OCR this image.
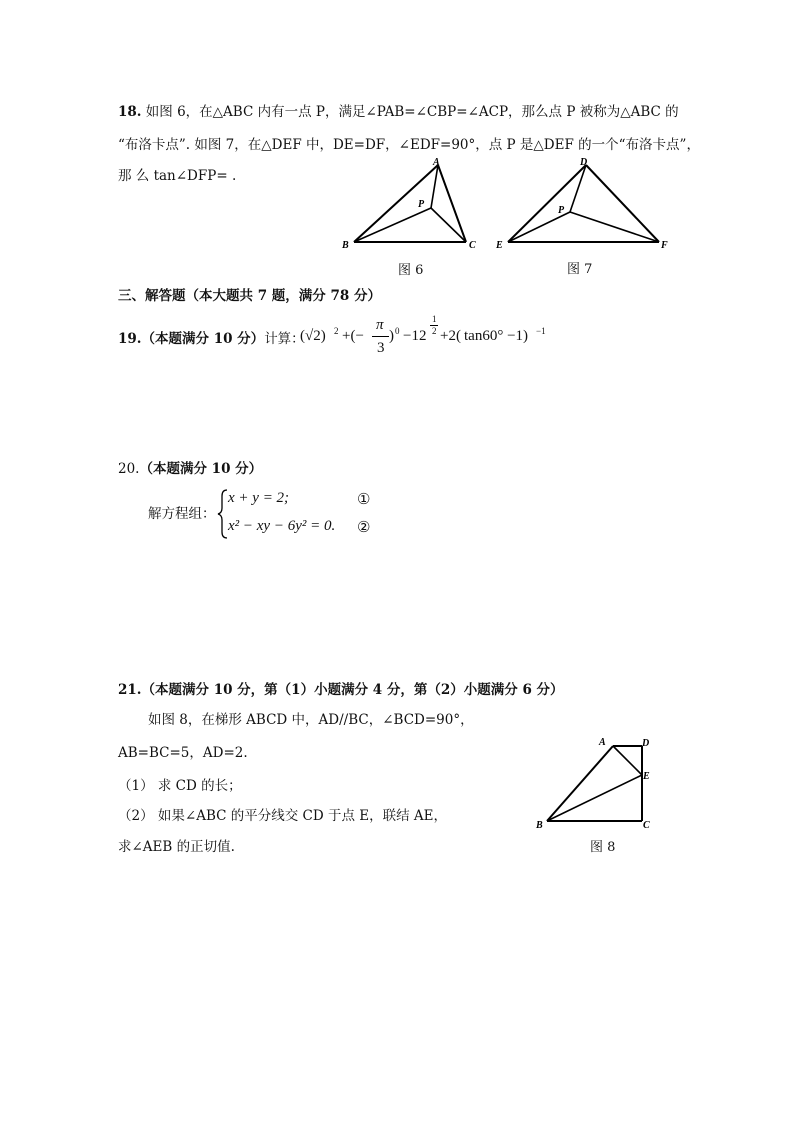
18. 如图 6，在△ABC 内有一点 P，满足∠PAB=∠CBP=∠ACP，那么点 P 被称为△ABC 的
“布洛卡点”. 如图 7，在△DEF 中，DE=DF，∠EDF=90°，点 P 是△DEF 的一个“布洛卡点”，
那 么 tan∠DFP= .
A
B	C
P
图 6
D
E	F
P
图 7
三、解答题（本大题共 7 题，满分 78 分）
19.（本题满分 10 分）计算：
(√2) 2 +(−
π
3
) 0 −12
1
2 +2( tan60° −1) −1
20.（本题满分 10 分）
解方程组：
x + y = 2;	①
x² − xy − 6y² = 0. ②
21.（本题满分 10 分，第（1）小题满分 4 分，第（2）小题满分 6 分）
如图 8，在梯形 ABCD 中，AD//BC，∠BCD=90°，
AB=BC=5，AD=2.
（1） 求 CD 的长；
（2） 如果∠ABC 的平分线交 CD 于点 E，联结 AE，
求∠AEB 的正切值.
A	D
E
B	C
图 8
